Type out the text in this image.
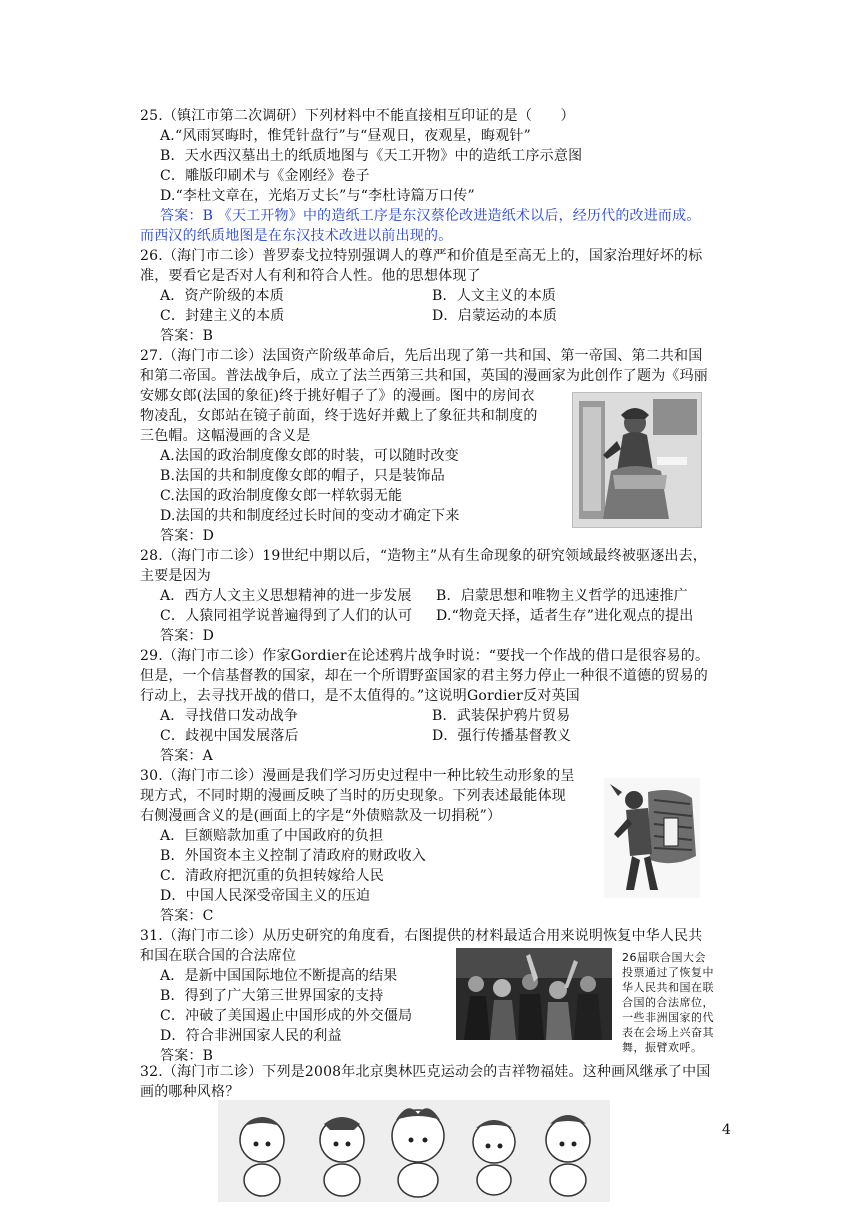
25.（镇江市第二次调研）下列材料中不能直接相互印证的是（　　）
A.“风雨冥晦时，惟凭针盘行”与“昼观日，夜观星，晦观针”
B．天水西汉墓出土的纸质地图与《天工开物》中的造纸工序示意图
C．雕版印刷术与《金刚经》卷子
D.“李杜文章在，光焰万丈长”与“李杜诗篇万口传”
答案：B 《天工开物》中的造纸工序是东汉蔡伦改进造纸术以后，经历代的改进而成。
而西汉的纸质地图是在东汉技术改进以前出现的。
26.（海门市二诊）普罗泰戈拉特别强调人的尊严和价值是至高无上的，国家治理好坏的标
准，要看它是否对人有利和符合人性。他的思想体现了
A．资产阶级的本质	B．人文主义的本质
C．封建主义的本质	D．启蒙运动的本质
答案：B
27.（海门市二诊）法国资产阶级革命后，先后出现了第一共和国、第一帝国、第二共和国
和第二帝国。普法战争后，成立了法兰西第三共和国，英国的漫画家为此创作了题为《玛丽
安娜女郎(法国的象征)终于挑好帽子了》的漫画。图中的房间衣
物凌乱，女郎站在镜子前面，终于选好并戴上了象征共和制度的
三色帽。这幅漫画的含义是
A.法国的政治制度像女郎的时装，可以随时改变
B.法国的共和制度像女郎的帽子，只是装饰品
C.法国的政治制度像女郎一样软弱无能
D.法国的共和制度经过长时间的变动才确定下来
答案：D
28.（海门市二诊）19世纪中期以后，“造物主”从有生命现象的研究领域最终被驱逐出去，
主要是因为
A．西方人文主义思想精神的进一步发展 B．启蒙思想和唯物主义哲学的迅速推广
C．人猿同祖学说普遍得到了人们的认可 D.“物竞天择，适者生存”进化观点的提出
答案：D
29.（海门市二诊）作家Gordier在论述鸦片战争时说：“要找一个作战的借口是很容易的。
但是，一个信基督教的国家，却在一个所谓野蛮国家的君主努力停止一种很不道德的贸易的
行动上，去寻找开战的借口，是不太值得的。”这说明Gordier反对英国
A．寻找借口发动战争	B．武装保护鸦片贸易
C．歧视中国发展落后	D．强行传播基督教义
答案：A
30.（海门市二诊）漫画是我们学习历史过程中一种比较生动形象的呈
现方式，不同时期的漫画反映了当时的历史现象。下列表述最能体现
右侧漫画含义的是(画面上的字是“外债赔款及一切捐税”）
A．巨额赔款加重了中国政府的负担
B．外国资本主义控制了清政府的财政收入
C．清政府把沉重的负担转嫁给人民
D．中国人民深受帝国主义的压迫
答案：C
31.（海门市二诊）从历史研究的角度看，右图提供的材料最适合用来说明恢复中华人民共
和国在联合国的合法席位
A．是新中国国际地位不断提高的结果
B．得到了广大第三世界国家的支持
C．冲破了美国遏止中国形成的外交僵局
D．符合非洲国家人民的利益
答案：B
26届联合国大会
投票通过了恢复中
华人民共和国在联
合国的合法席位，
一些非洲国家的代
表在会场上兴奋其
舞，振臂欢呼。
32.（海门市二诊）下列是2008年北京奥林匹克运动会的吉祥物福娃。这种画风继承了中国
画的哪种风格？
4
